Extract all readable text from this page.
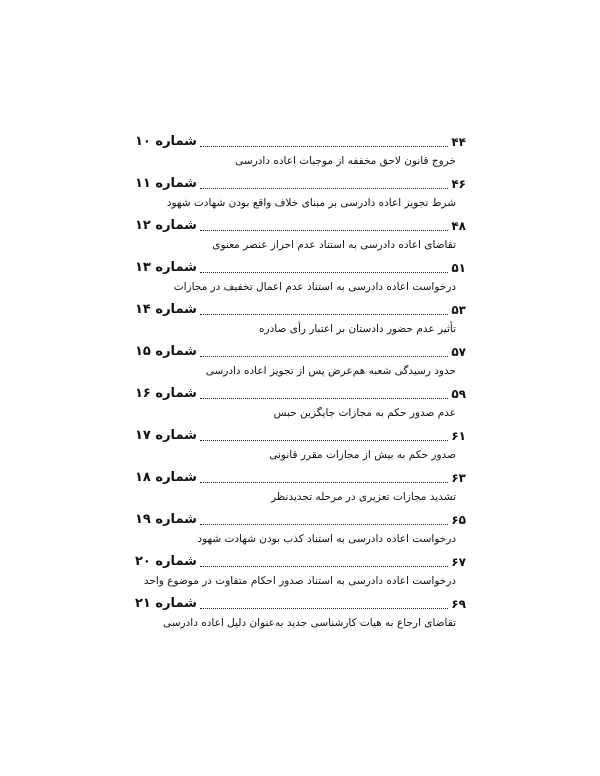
شماره ۱۰	۴۴
خروج قانون لاحق مخففه از موجبات اعاده دادرسی
شماره ۱۱	۴۶
شرط تجویز اعاده دادرسی بر مبنای خلاف واقع بودن شهادت شهود
شماره ۱۲	۴۸
تقاضای اعاده دادرسی به استناد عدم احراز عنصر معنوی
شماره ۱۳	۵۱
درخواست اعاده دادرسی به استناد عدم اعمال تخفیف در مجازات
شماره ۱۴	۵۳
تأثیر عدم حضور دادستان بر اعتبار رأی صادره
شماره ۱۵	۵۷
حدود رسیدگی شعبه هم‌عرض پس از تجویز اعاده دادرسی
شماره ۱۶	۵۹
عدم صدور حکم به مجازات جایگزین حبس
شماره ۱۷	۶۱
صدور حکم به بیش از مجازات مقرر قانونی
شماره ۱۸	۶۳
تشدید مجازات تعزیری در مرحله تجدیدنظر
شماره ۱۹	۶۵
درخواست اعاده دادرسی به استناد کذب بودن شهادت شهود
شماره ۲۰	۶۷
درخواست اعاده دادرسی به استناد صدور احکام متفاوت در موضوع واحد
شماره ۲۱	۶۹
تقاضای ارجاع به هیات کارشناسی جدید به‌عنوان دلیل اعاده دادرسی
